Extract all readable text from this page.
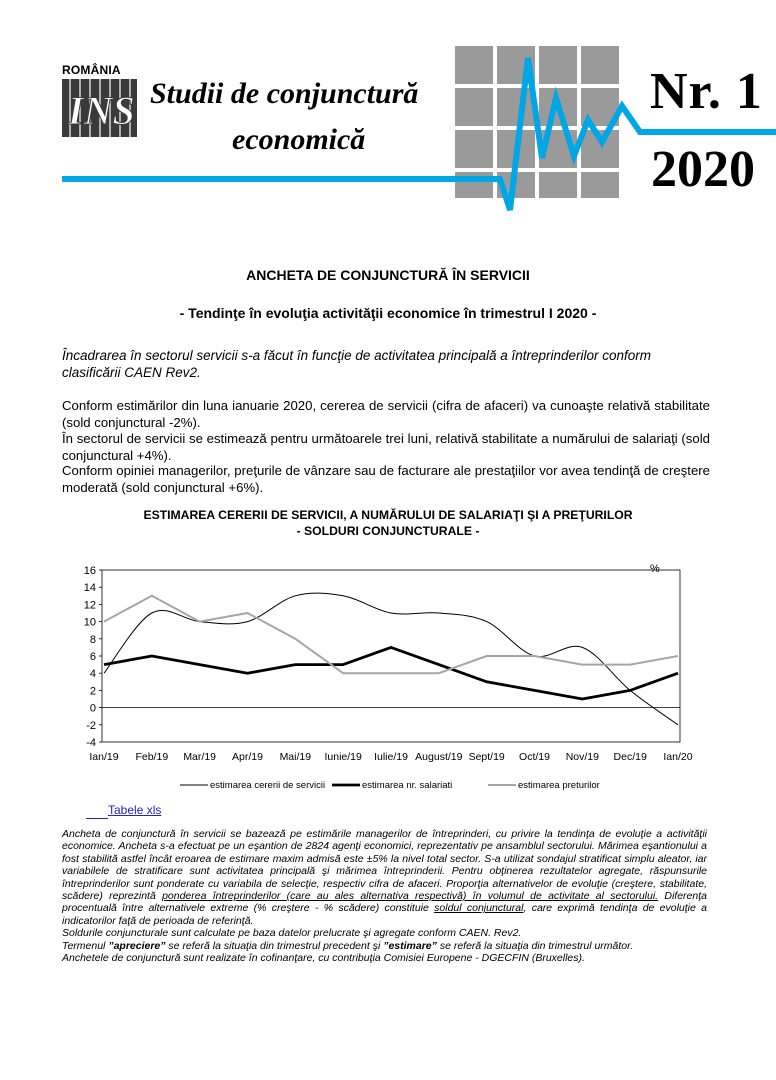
ROMÂNIA
INS Studii de conjunctură
economică
Nr. 1
2020
ANCHETA DE CONJUNCTURĂ ÎN SERVICII
- Tendinţe în evoluţia activităţii economice în trimestrul I 2020 -
Încadrarea în sectorul servicii s-a făcut în funcţie de activitatea principală a întreprinderilor conform clasificării CAEN Rev2.
Conform estimărilor din luna ianuarie 2020, cererea de servicii (cifra de afaceri) va cunoaşte relativă stabilitate (sold conjunctural -2%).
În sectorul de servicii se estimează pentru următoarele trei luni, relativă stabilitate a numărului de salariaţi (sold conjunctural +4%).
Conform opiniei managerilor, preţurile de vânzare sau de facturare ale prestaţiilor vor avea tendinţă de creştere moderată (sold conjunctural +6%).
ESTIMAREA CERERII DE SERVICII, A NUMĂRULUI DE SALARIAŢI ŞI A PREŢURILOR
- SOLDURI CONJUNCTURALE -
-4
-2
0
2
4
6
8
10
12
14
16
Ian/19 Feb/19 Mar/19 Apr/19 Mai/19 Iunie/19 Iulie/19 August/19 Sept/19 Oct/19 Nov/19 Dec/19 Ian/20
%
estimarea cererii de servicii	estimarea nr. salariati	estimarea preturilor
Tabele xls

Ancheta de conjunctură în servicii se bazează pe estimările managerilor de întreprinderi, cu privire la tendinţa de evoluţie a activităţii economice. Ancheta s-a efectuat pe un eşantion de 2824 agenţi economici, reprezentativ pe ansamblul sectorului. Mărimea eşantionului a fost stabilită astfel încât eroarea de estimare maxim admisă este ±5% la nivel total sector. S-a utilizat sondajul stratificat simplu aleator, iar variabilele de stratificare sunt activitatea principală şi mărimea întreprinderii. Pentru obţinerea rezultatelor agregate, răspunsurile întreprinderilor sunt ponderate cu variabila de selecţie, respectiv cifra de afaceri. Proporţia alternativelor de evoluţie (creştere, stabilitate, scădere) reprezintă ponderea întreprinderilor (care au ales alternativa respectivă) în volumul de activitate al sectorului. Diferenţa procentuală între alternativele extreme (% creştere - % scădere) constituie soldul conjunctural, care exprimă tendinţa de evoluţie a indicatorilor faţă de perioada de referinţă.

Soldurile conjuncturale sunt calculate pe baza datelor prelucrate şi agregate conform CAEN. Rev2.

Termenul ”apreciere” se referă la situaţia din trimestrul precedent şi ”estimare” se referă la situaţia din trimestrul următor.

Anchetele de conjunctură sunt realizate în cofinanţare, cu contribuţia Comisiei Europene - DGECFIN (Bruxelles).
